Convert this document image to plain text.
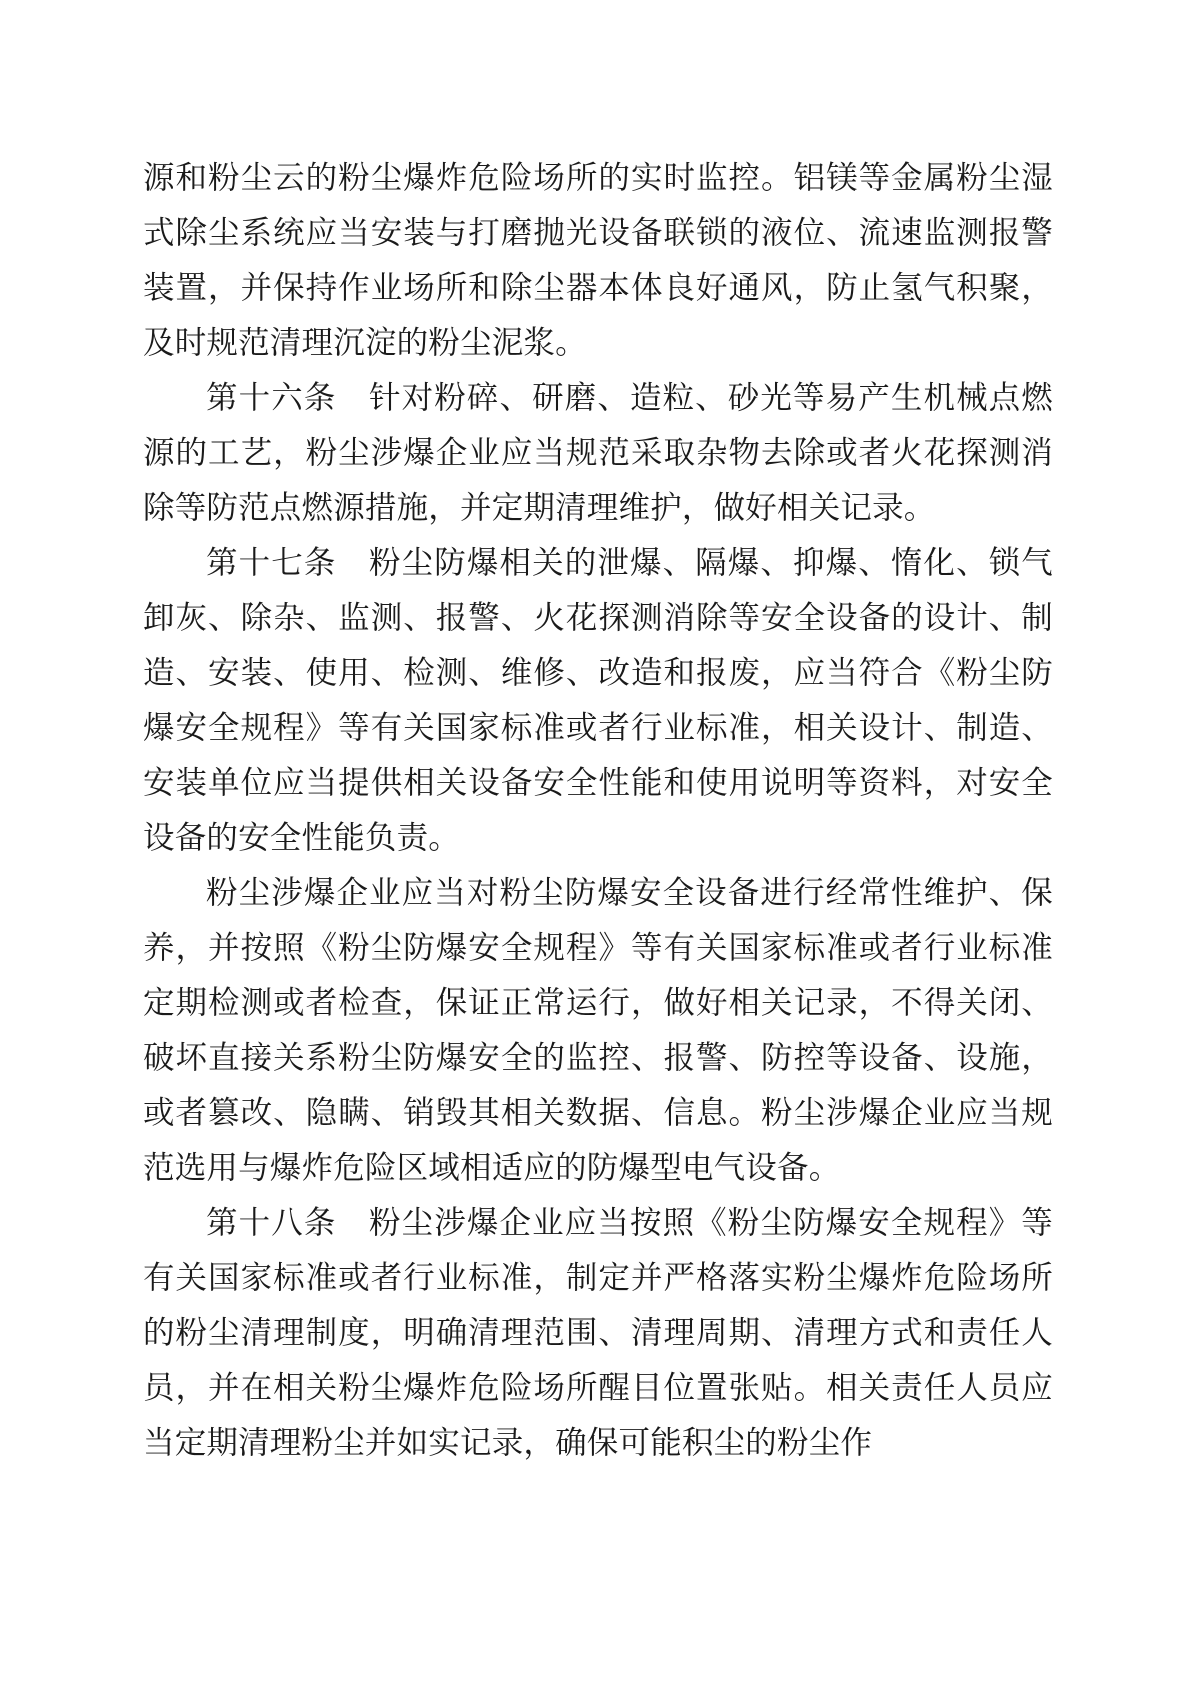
源和粉尘云的粉尘爆炸危险场所的实时监控。铝镁等金属粉尘湿式除尘系统应当安装与打磨抛光设备联锁的液位、流速监测报警装置，并保持作业场所和除尘器本体良好通风，防止氢气积聚，及时规范清理沉淀的粉尘泥浆。

第十六条　针对粉碎、研磨、造粒、砂光等易产生机械点燃源的工艺，粉尘涉爆企业应当规范采取杂物去除或者火花探测消除等防范点燃源措施，并定期清理维护，做好相关记录。

第十七条　粉尘防爆相关的泄爆、隔爆、抑爆、惰化、锁气卸灰、除杂、监测、报警、火花探测消除等安全设备的设计、制造、安装、使用、检测、维修、改造和报废，应当符合《粉尘防爆安全规程》等有关国家标准或者行业标准，相关设计、制造、安装单位应当提供相关设备安全性能和使用说明等资料，对安全设备的安全性能负责。

粉尘涉爆企业应当对粉尘防爆安全设备进行经常性维护、保养，并按照《粉尘防爆安全规程》等有关国家标准或者行业标准定期检测或者检查，保证正常运行，做好相关记录，不得关闭、破坏直接关系粉尘防爆安全的监控、报警、防控等设备、设施，或者篡改、隐瞒、销毁其相关数据、信息。粉尘涉爆企业应当规范选用与爆炸危险区域相适应的防爆型电气设备。

第十八条　粉尘涉爆企业应当按照《粉尘防爆安全规程》等有关国家标准或者行业标准，制定并严格落实粉尘爆炸危险场所的粉尘清理制度，明确清理范围、清理周期、清理方式和责任人员，并在相关粉尘爆炸危险场所醒目位置张贴。相关责任人员应当定期清理粉尘并如实记录，确保可能积尘的粉尘作
